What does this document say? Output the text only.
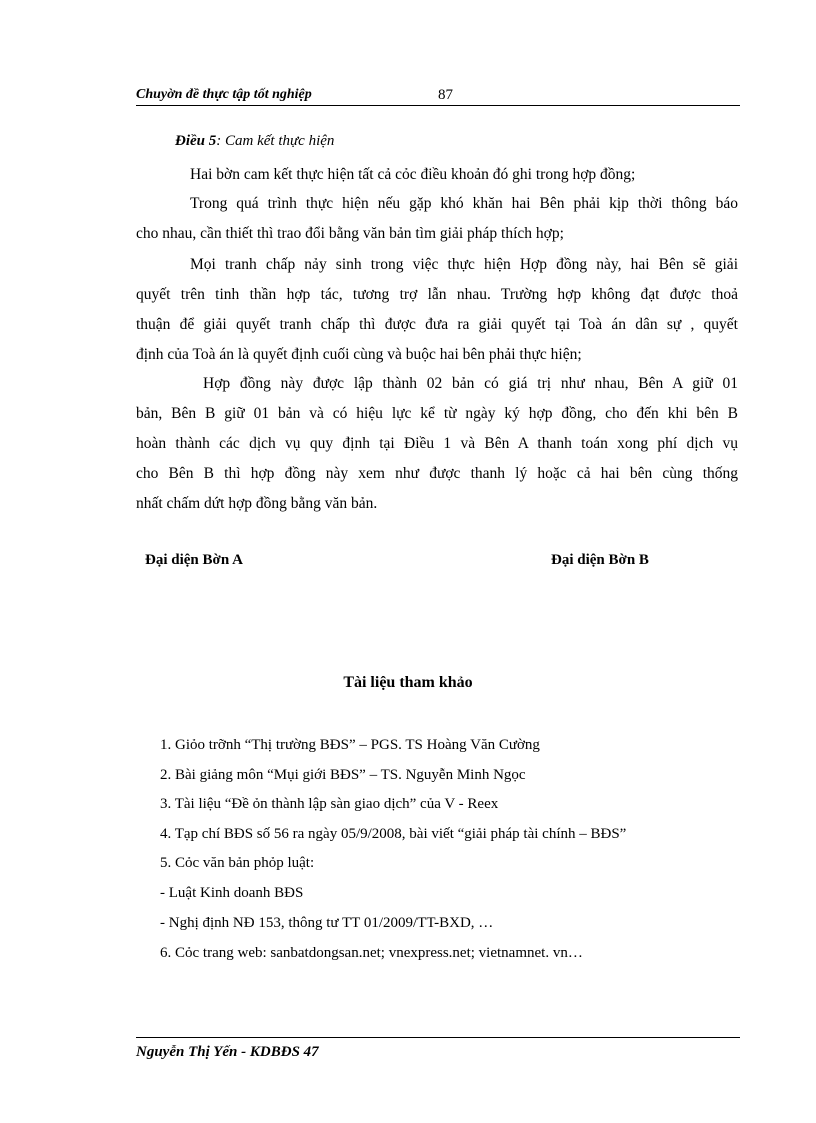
Chuyờn đề thực tập tốt nghiệp	87
Điều 5: Cam kết thực hiện
Hai bờn cam kết thực hiện tất cả cỏc điều khoản đó ghi trong hợp đồng;
Trong quá trình thực hiện nếu gặp khó khăn hai Bên phải kịp thời thông báo
cho nhau, cần thiết thì trao đổi bằng văn bản tìm giải pháp thích hợp;
Mọi tranh chấp nảy sinh trong việc thực hiện Hợp đồng này, hai Bên sẽ giải
quyết trên tinh thần hợp tác, tương trợ lẫn nhau. Trường hợp không đạt được thoả
thuận để giải quyết tranh chấp thì được đưa ra giải quyết tại Toà án dân sự , quyết
định của Toà án là quyết định cuối cùng và buộc hai bên phải thực hiện;
Hợp đồng này được lập thành 02 bản có giá trị như nhau, Bên A giữ 01
bản, Bên B giữ 01 bản và có hiệu lực kể từ ngày ký hợp đồng, cho đến khi bên B
hoàn thành các dịch vụ quy định tại Điều 1 và Bên A thanh toán xong phí dịch vụ
cho Bên B thì hợp đồng này xem như được thanh lý hoặc cả hai bên cùng thống
nhất chấm dứt hợp đồng bằng văn bản.
Đại diện Bờn A	Đại diện Bờn B
Tài liệu tham khảo
1. Giỏo trỡnh “Thị trường BĐS” – PGS. TS Hoàng Văn Cường
2. Bài giảng môn “Mụi giới BĐS” – TS. Nguyễn Minh Ngọc
3. Tài liệu “Đề ỏn thành lập sàn giao dịch” của V - Reex
4. Tạp chí BĐS số 56 ra ngày 05/9/2008, bài viết “giải pháp tài chính – BĐS”
5. Cỏc văn bản phỏp luật:
- Luật Kinh doanh BĐS
- Nghị định NĐ 153, thông tư TT 01/2009/TT-BXD, …
6. Cỏc trang web: sanbatdongsan.net; vnexpress.net; vietnamnet. vn…
Nguyễn Thị Yến - KDBĐS 47
